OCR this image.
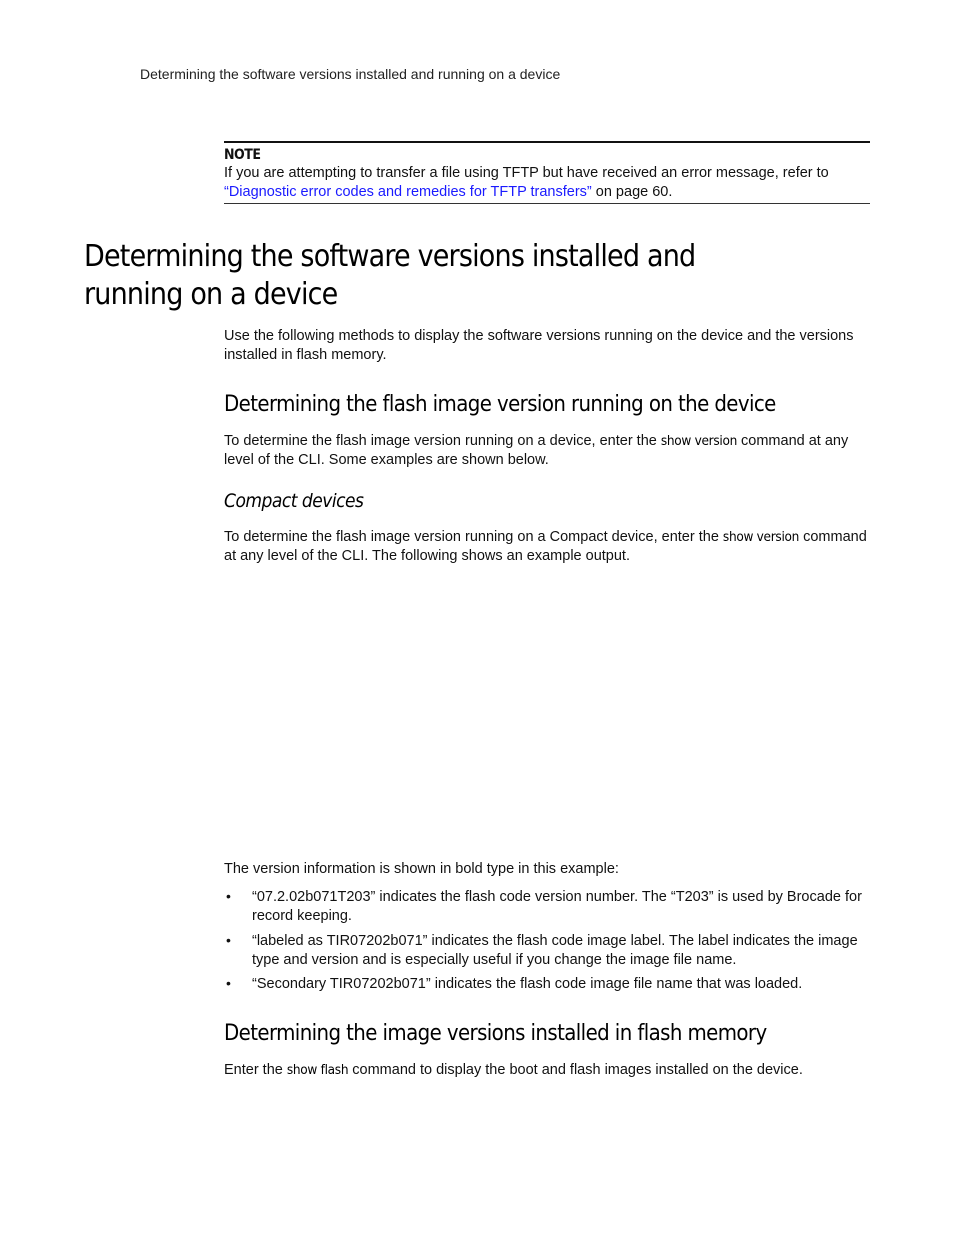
Determining the software versions installed and running on a device
NOTE
If you are attempting to transfer a file using TFTP but have received an error message, refer to
“Diagnostic error codes and remedies for TFTP transfers” on page 60.
Determining the software versions installed and running on a device
Use the following methods to display the software versions running on the device and the versions installed in flash memory.
Determining the flash image version running on the device
To determine the flash image version running on a device, enter the show version command at any level of the CLI. Some examples are shown below.
Compact devices
To determine the flash image version running on a Compact device, enter the show version command at any level of the CLI. The following shows an example output.
The version information is shown in bold type in this example:
• “07.2.02b071T203” indicates the flash code version number. The “T203” is used by Brocade for record keeping.
• “labeled as TIR07202b071” indicates the flash code image label. The label indicates the image type and version and is especially useful if you change the image file name.
• “Secondary TIR07202b071” indicates the flash code image file name that was loaded.
Determining the image versions installed in flash memory
Enter the show flash command to display the boot and flash images installed on the device.
